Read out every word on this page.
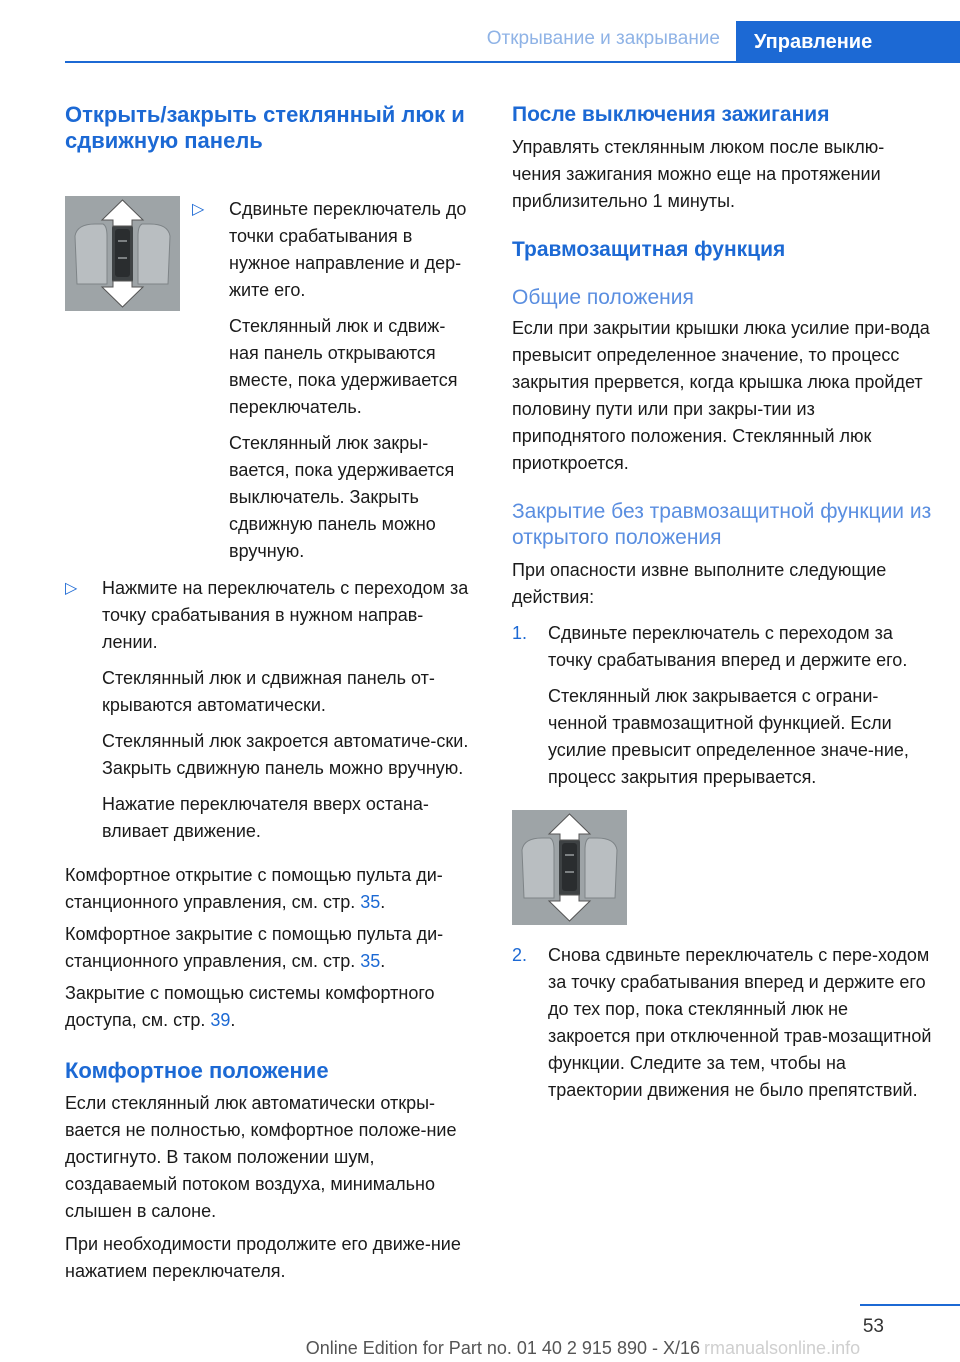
Открывание и закрывание	Управление
Открыть/закрыть стеклянный люк и сдвижную панель
▷ Сдвиньте переключатель до точки срабатывания в нужное направление и дер-жите его.

Стеклянный люк и сдвиж-ная панель открываются вместе, пока удерживается переключатель.

Стеклянный люк закры-вается, пока удерживается выключатель. Закрыть сдвижную панель можно вручную.

▷ Нажмите на переключатель с переходом за точку срабатывания в нужном направ-лении.

Стеклянный люк и сдвижная панель от-крываются автоматически.

Стеклянный люк закроется автоматиче-ски. Закрыть сдвижную панель можно вручную.

Нажатие переключателя вверх остана-вливает движение.

Комфортное открытие с помощью пульта ди-станционного управления, см. стр. 35.

Комфортное закрытие с помощью пульта ди-станционного управления, см. стр. 35.

Закрытие с помощью системы комфортного доступа, см. стр. 39.

Комфортное положение

Если стеклянный люк автоматически откры-вается не полностью, комфортное положе-ние достигнуто. В таком положении шум, создаваемый потоком воздуха, минимально слышен в салоне.

При необходимости продолжите его движе-ние нажатием переключателя.

После выключения зажигания

Управлять стеклянным люком после выклю-чения зажигания можно еще на протяжении приблизительно 1 минуты.

Травмозащитная функция
Общие положения

Если при закрытии крышки люка усилие при-вода превысит определенное значение, то процесс закрытия прервется, когда крышка люка пройдет половину пути или при закры-тии из приподнятого положения. Стеклянный люк приоткроется.

Закрытие без травмозащитной функции из открытого положения

При опасности извне выполните следующие действия:

1. Сдвиньте переключатель с переходом за точку срабатывания вперед и держите его.

Стеклянный люк закрывается с ограни-ченной травмозащитной функцией. Если усилие превысит определенное значе-ние, процесс закрытия прерывается.

2. Снова сдвиньте переключатель с пере-ходом за точку срабатывания вперед и держите его до тех пор, пока стеклянный люк не закроется при отключенной трав-мозащитной функции. Следите за тем, чтобы на траектории движения не было препятствий.

53
Online Edition for Part no. 01 40 2 915 890 - X/16 rmanualsonline.info
